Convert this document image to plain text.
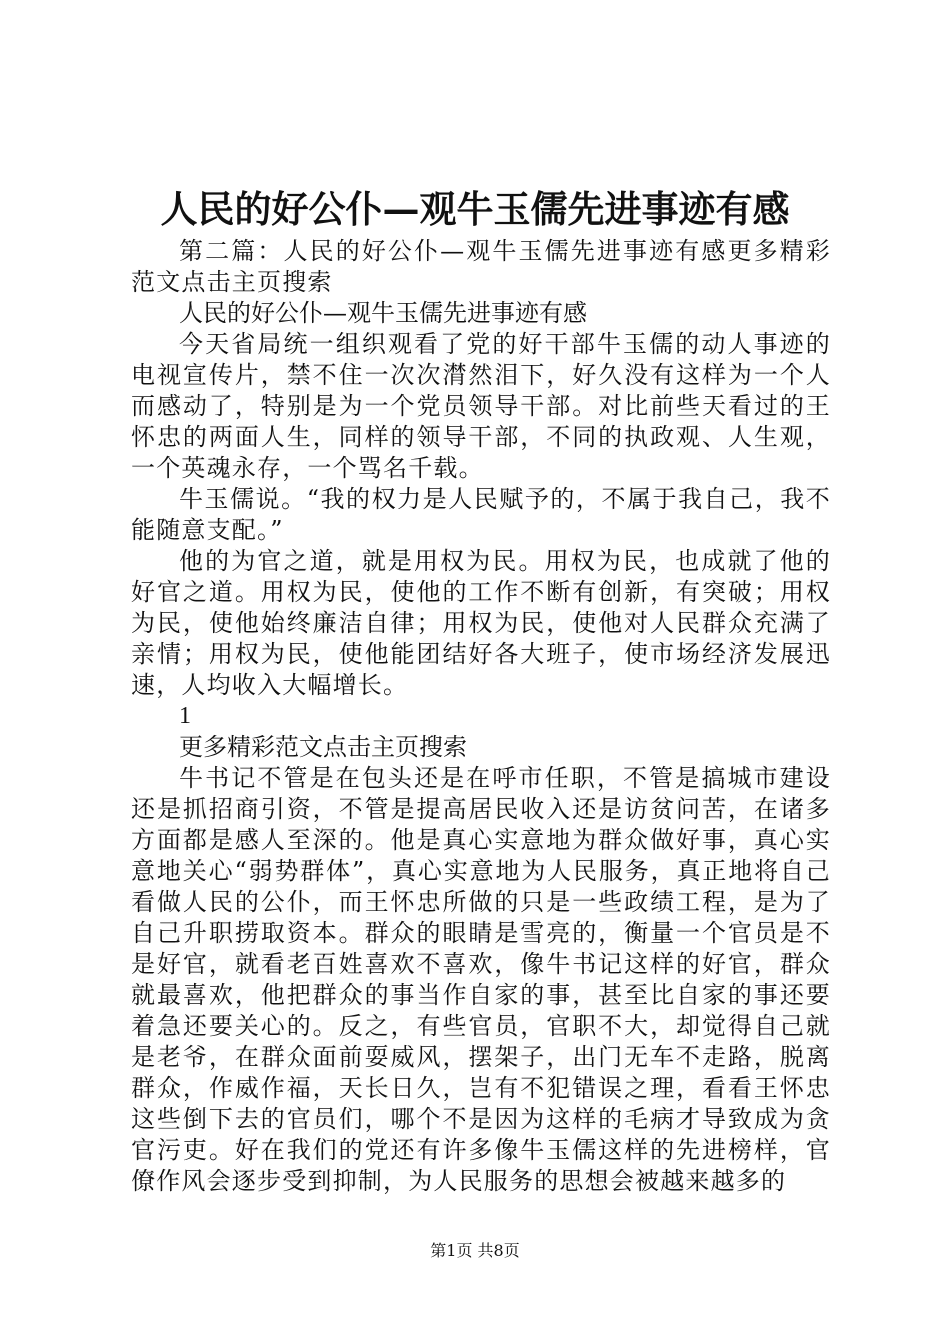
人民的好公仆—观牛玉儒先进事迹有感

第二篇：人民的好公仆—观牛玉儒先进事迹有感更多精彩范文点击主页搜索

人民的好公仆—观牛玉儒先进事迹有感

今天省局统一组织观看了党的好干部牛玉儒的动人事迹的电视宣传片，禁不住一次次潸然泪下，好久没有这样为一个人而感动了，特别是为一个党员领导干部。对比前些天看过的王怀忠的两面人生，同样的领导干部，不同的执政观、人生观，一个英魂永存，一个骂名千载。

牛玉儒说。“我的权力是人民赋予的，不属于我自己，我不能随意支配。”

他的为官之道，就是用权为民。用权为民，也成就了他的好官之道。用权为民，使他的工作不断有创新，有突破；用权为民，使他始终廉洁自律；用权为民，使他对人民群众充满了亲情；用权为民，使他能团结好各大班子，使市场经济发展迅速，人均收入大幅增长。

1

更多精彩范文点击主页搜索

牛书记不管是在包头还是在呼市任职，不管是搞城市建设还是抓招商引资，不管是提高居民收入还是访贫问苦，在诸多方面都是感人至深的。他是真心实意地为群众做好事，真心实意地关心“弱势群体”，真心实意地为人民服务，真正地将自己看做人民的公仆，而王怀忠所做的只是一些政绩工程，是为了自己升职捞取资本。群众的眼睛是雪亮的，衡量一个官员是不是好官，就看老百姓喜欢不喜欢，像牛书记这样的好官，群众就最喜欢，他把群众的事当作自家的事，甚至比自家的事还要着急还要关心的。反之，有些官员，官职不大，却觉得自己就是老爷，在群众面前耍威风，摆架子，出门无车不走路，脱离群众，作威作福，天长日久，岂有不犯错误之理，看看王怀忠这些倒下去的官员们，哪个不是因为这样的毛病才导致成为贪官污吏。好在我们的党还有许多像牛玉儒这样的先进榜样，官僚作风会逐步受到抑制，为人民服务的思想会被越来越多的

第1页 共8页
